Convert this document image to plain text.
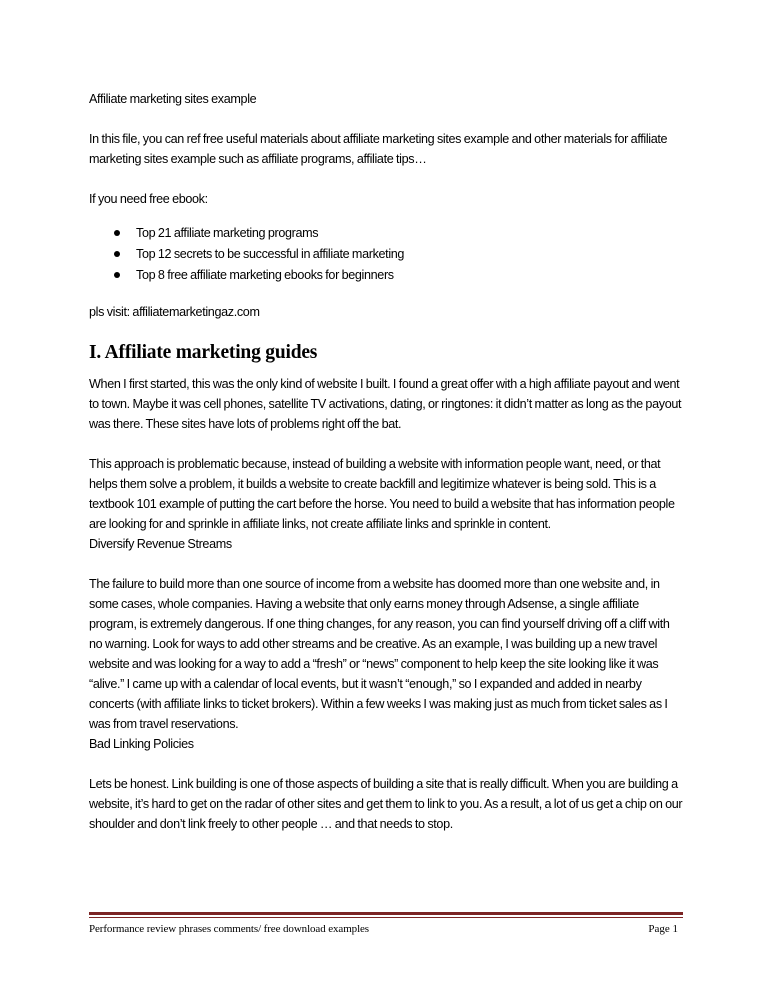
Affiliate marketing sites example

In this file, you can ref free useful materials about affiliate marketing sites example and other materials for affiliate marketing sites example such as affiliate programs, affiliate tips…

If you need free ebook:

Top 21 affiliate marketing programs
Top 12 secrets to be successful in affiliate marketing
Top 8 free affiliate marketing ebooks for beginners

pls visit: affiliatemarketingaz.com

I. Affiliate marketing guides

When I first started, this was the only kind of website I built. I found a great offer with a high affiliate payout and went to town. Maybe it was cell phones, satellite TV activations, dating, or ringtones: it didn’t matter as long as the payout was there. These sites have lots of problems right off the bat.

This approach is problematic because, instead of building a website with information people want, need, or that helps them solve a problem, it builds a website to create backfill and legitimize whatever is being sold. This is a textbook 101 example of putting the cart before the horse. You need to build a website that has information people are looking for and sprinkle in affiliate links, not create affiliate links and sprinkle in content.

Diversify Revenue Streams

The failure to build more than one source of income from a website has doomed more than one website and, in some cases, whole companies. Having a website that only earns money through Adsense, a single affiliate program, is extremely dangerous. If one thing changes, for any reason, you can find yourself driving off a cliff with no warning. Look for ways to add other streams and be creative. As an example, I was building up a new travel website and was looking for a way to add a “fresh” or “news” component to help keep the site looking like it was “alive.” I came up with a calendar of local events, but it wasn’t “enough,” so I expanded and added in nearby concerts (with affiliate links to ticket brokers). Within a few weeks I was making just as much from ticket sales as I was from travel reservations.

Bad Linking Policies

Lets be honest. Link building is one of those aspects of building a site that is really difficult. When you are building a website, it’s hard to get on the radar of other sites and get them to link to you. As a result, a lot of us get a chip on our shoulder and don’t link freely to other people … and that needs to stop.

Performance review phrases comments/ free download examples	Page 1
